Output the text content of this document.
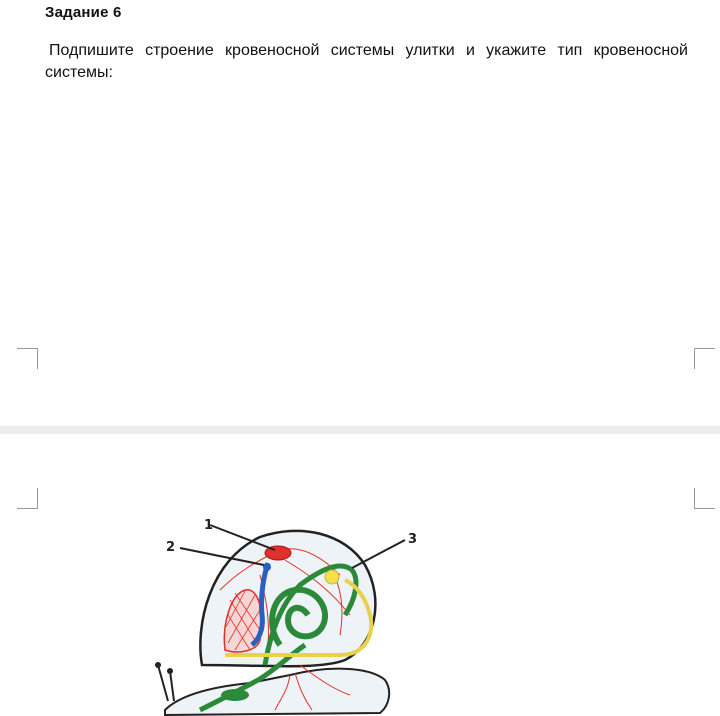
Задание 6
Подпишите строение кровеносной системы улитки и укажите тип кровеносной системы:
1
2
3
